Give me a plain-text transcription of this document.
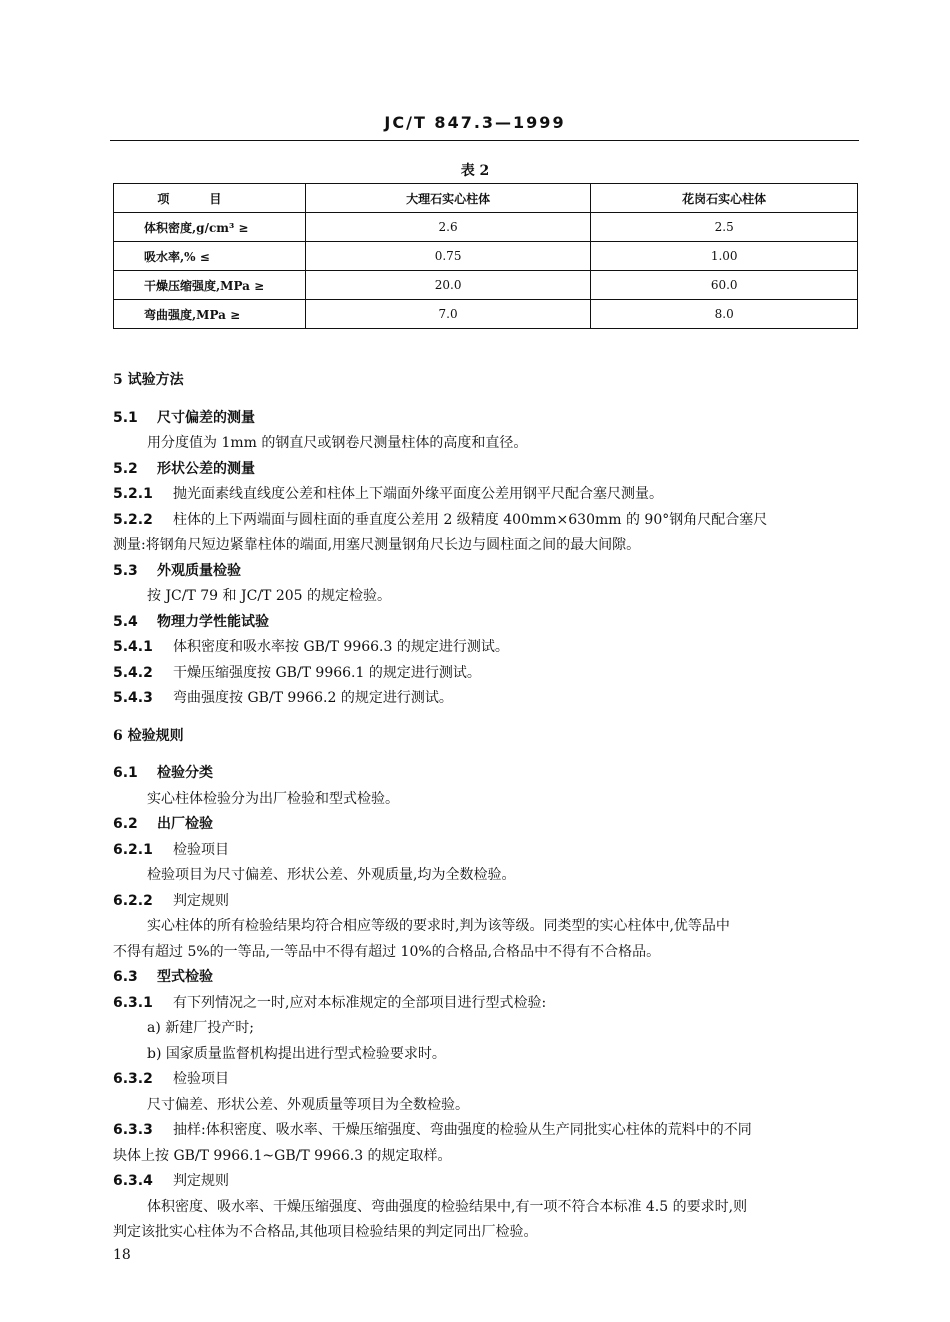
JC/T 847.3—1999
表 2
项目	大理石实心柱体	花岗石实心柱体
体积密度,g/cm³ ≥	2.6	2.5
吸水率,% ≤	0.75	1.00
干燥压缩强度,MPa ≥	20.0	60.0
弯曲强度,MPa ≥	7.0	8.0
5 试验方法
5.1 尺寸偏差的测量
用分度值为 1mm 的钢直尺或钢卷尺测量柱体的高度和直径。
5.2 形状公差的测量
5.2.1 抛光面素线直线度公差和柱体上下端面外缘平面度公差用钢平尺配合塞尺测量。
5.2.2 柱体的上下两端面与圆柱面的垂直度公差用 2 级精度 400mm×630mm 的 90°钢角尺配合塞尺
测量:将钢角尺短边紧靠柱体的端面,用塞尺测量钢角尺长边与圆柱面之间的最大间隙。
5.3 外观质量检验
按 JC/T 79 和 JC/T 205 的规定检验。
5.4 物理力学性能试验
5.4.1 体积密度和吸水率按 GB/T 9966.3 的规定进行测试。
5.4.2 干燥压缩强度按 GB/T 9966.1 的规定进行测试。
5.4.3 弯曲强度按 GB/T 9966.2 的规定进行测试。
6 检验规则
6.1 检验分类
实心柱体检验分为出厂检验和型式检验。
6.2 出厂检验
6.2.1 检验项目
检验项目为尺寸偏差、形状公差、外观质量,均为全数检验。
6.2.2 判定规则
实心柱体的所有检验结果均符合相应等级的要求时,判为该等级。同类型的实心柱体中,优等品中
不得有超过 5%的一等品,一等品中不得有超过 10%的合格品,合格品中不得有不合格品。
6.3 型式检验
6.3.1 有下列情况之一时,应对本标准规定的全部项目进行型式检验:
a) 新建厂投产时;
b) 国家质量监督机构提出进行型式检验要求时。
6.3.2 检验项目
尺寸偏差、形状公差、外观质量等项目为全数检验。
6.3.3 抽样:体积密度、吸水率、干燥压缩强度、弯曲强度的检验从生产同批实心柱体的荒料中的不同
块体上按 GB/T 9966.1~GB/T 9966.3 的规定取样。
6.3.4 判定规则
体积密度、吸水率、干燥压缩强度、弯曲强度的检验结果中,有一项不符合本标准 4.5 的要求时,则
判定该批实心柱体为不合格品,其他项目检验结果的判定同出厂检验。
18
